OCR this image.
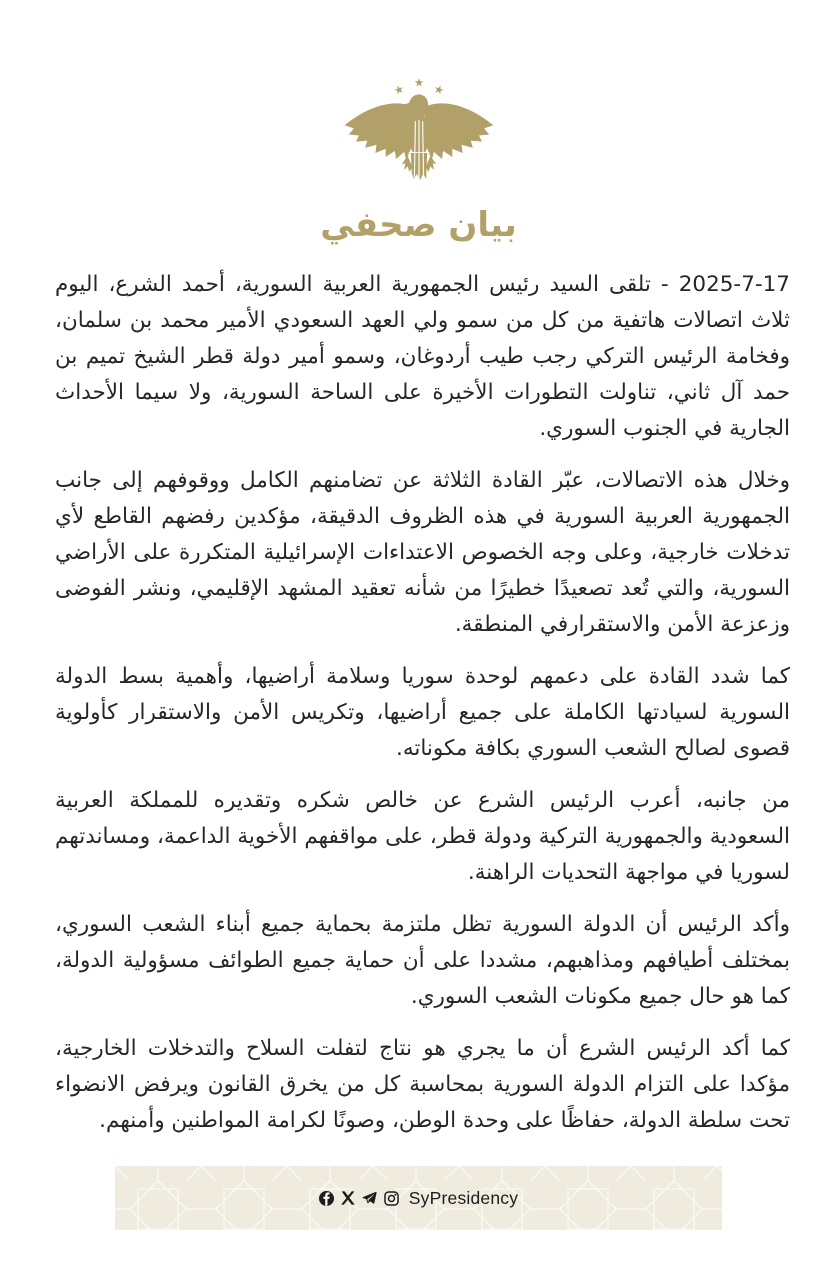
بيان صحفي

‎2025-7-17‎ - تلقى السيد رئيس الجمهورية العربية السورية، أحمد الشرع، اليوم ثلاث اتصالات هاتفية من كل من سمو ولي العهد السعودي الأمير محمد بن سلمان، وفخامة الرئيس التركي رجب طيب أردوغان، وسمو أمير دولة قطر الشيخ تميم بن حمد آل ثاني، تناولت التطورات الأخيرة على الساحة السورية، ولا سيما الأحداث الجارية في الجنوب السوري.

وخلال هذه الاتصالات، عبّر القادة الثلاثة عن تضامنهم الكامل ووقوفهم إلى جانب الجمهورية العربية السورية في هذه الظروف الدقيقة، مؤكدين رفضهم القاطع لأي تدخلات خارجية، وعلى وجه الخصوص الاعتداءات الإسرائيلية المتكررة على الأراضي السورية، والتي تُعد تصعيدًا خطيرًا من شأنه تعقيد المشهد الإقليمي، ونشر الفوضى وزعزعة الأمن والاستقرارفي المنطقة.

كما شدد القادة على دعمهم لوحدة سوريا وسلامة أراضيها، وأهمية بسط الدولة السورية لسيادتها الكاملة على جميع أراضيها، وتكريس الأمن والاستقرار كأولوية قصوى لصالح الشعب السوري بكافة مكوناته.

من جانبه، أعرب الرئيس الشرع عن خالص شكره وتقديره للمملكة العربية السعودية والجمهورية التركية ودولة قطر، على مواقفهم الأخوية الداعمة، ومساندتهم لسوريا في مواجهة التحديات الراهنة.

وأكد الرئيس أن الدولة السورية تظل ملتزمة بحماية جميع أبناء الشعب السوري، بمختلف أطيافهم ومذاهبهم، مشددا على أن حماية جميع الطوائف مسؤولية الدولة، كما هو حال جميع مكونات الشعب السوري.

كما أكد الرئيس الشرع أن ما يجري هو نتاج لتفلت السلاح والتدخلات الخارجية، مؤكدا على التزام الدولة السورية بمحاسبة كل من يخرق القانون ويرفض الانضواء تحت سلطة الدولة، حفاظًا على وحدة الوطن، وصونًا لكرامة المواطنين وأمنهم.

SyPresidency
